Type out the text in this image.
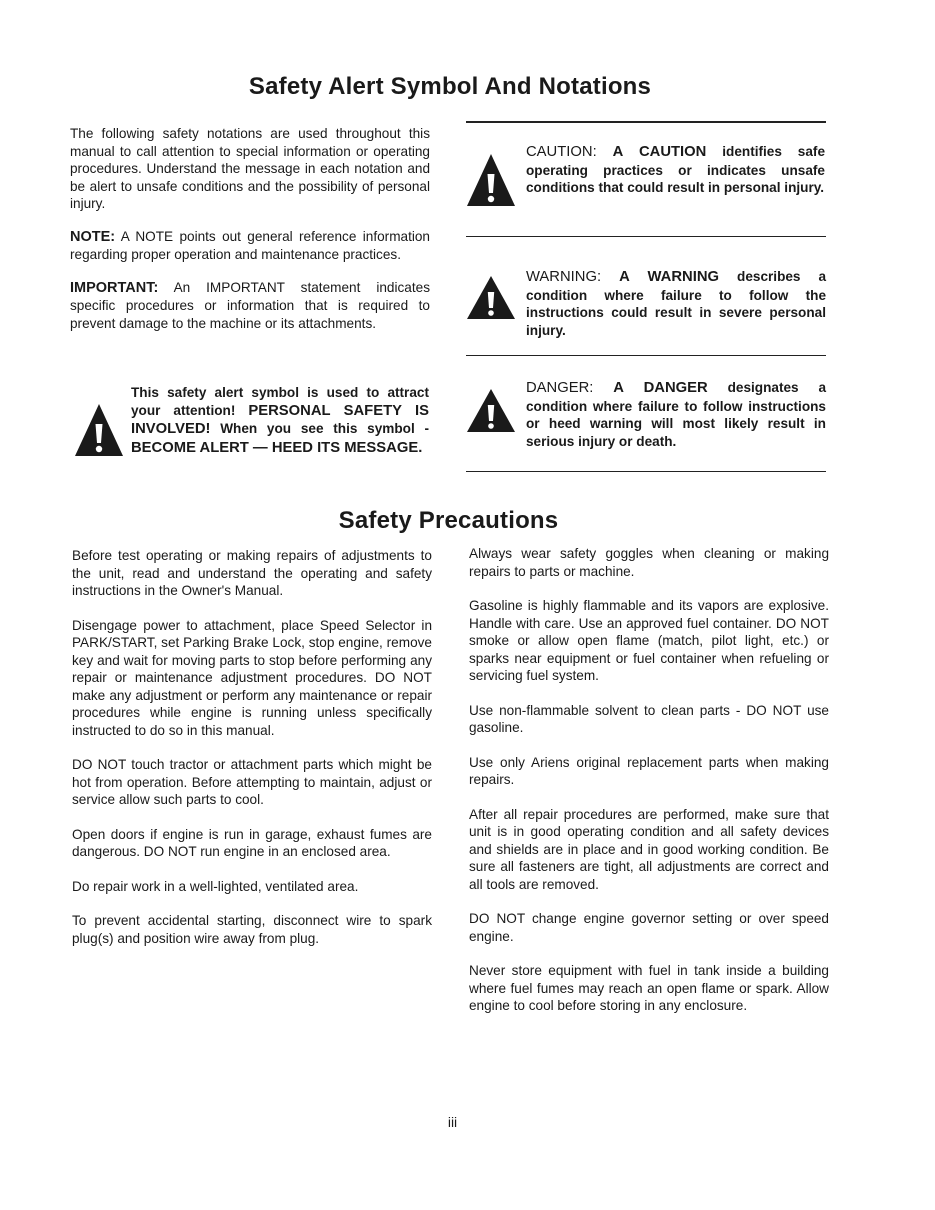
Safety Alert Symbol And Notations

The following safety notations are used throughout this manual to call attention to special information or operating procedures. Understand the message in each notation and be alert to unsafe conditions and the possibility of personal injury.

NOTE: A NOTE points out general reference information regarding proper operation and maintenance practices.

IMPORTANT: An IMPORTANT statement indicates specific procedures or information that is required to prevent damage to the machine or its attachments.

This safety alert symbol is used to attract your attention! PERSONAL SAFETY IS INVOLVED! When you see this symbol - BECOME ALERT — HEED ITS MESSAGE.

CAUTION: A CAUTION identifies safe operating practices or indicates unsafe conditions that could result in personal injury.

WARNING: A WARNING describes a condition where failure to follow the instructions could result in severe personal injury.

DANGER: A DANGER designates a condition where failure to follow instructions or heed warning will most likely result in serious injury or death.

Safety Precautions

Before test operating or making repairs of adjustments to the unit, read and understand the operating and safety instructions in the Owner's Manual.

Disengage power to attachment, place Speed Selector in PARK/START, set Parking Brake Lock, stop engine, remove key and wait for moving parts to stop before performing any repair or maintenance adjustment procedures. DO NOT make any adjustment or perform any maintenance or repair procedures while engine is running unless specifically instructed to do so in this manual.

DO NOT touch tractor or attachment parts which might be hot from operation. Before attempting to maintain, adjust or service allow such parts to cool.

Open doors if engine is run in garage, exhaust fumes are dangerous. DO NOT run engine in an enclosed area.

Do repair work in a well-lighted, ventilated area.

To prevent accidental starting, disconnect wire to spark plug(s) and position wire away from plug.

Always wear safety goggles when cleaning or making repairs to parts or machine.

Gasoline is highly flammable and its vapors are explosive. Handle with care. Use an approved fuel container. DO NOT smoke or allow open flame (match, pilot light, etc.) or sparks near equipment or fuel container when refueling or servicing fuel system.

Use non-flammable solvent to clean parts - DO NOT use gasoline.

Use only Ariens original replacement parts when making repairs.

After all repair procedures are performed, make sure that unit is in good operating condition and all safety devices and shields are in place and in good working condition. Be sure all fasteners are tight, all adjustments are correct and all tools are removed.

DO NOT change engine governor setting or over speed engine.

Never store equipment with fuel in tank inside a building where fuel fumes may reach an open flame or spark. Allow engine to cool before storing in any enclosure.

iii
